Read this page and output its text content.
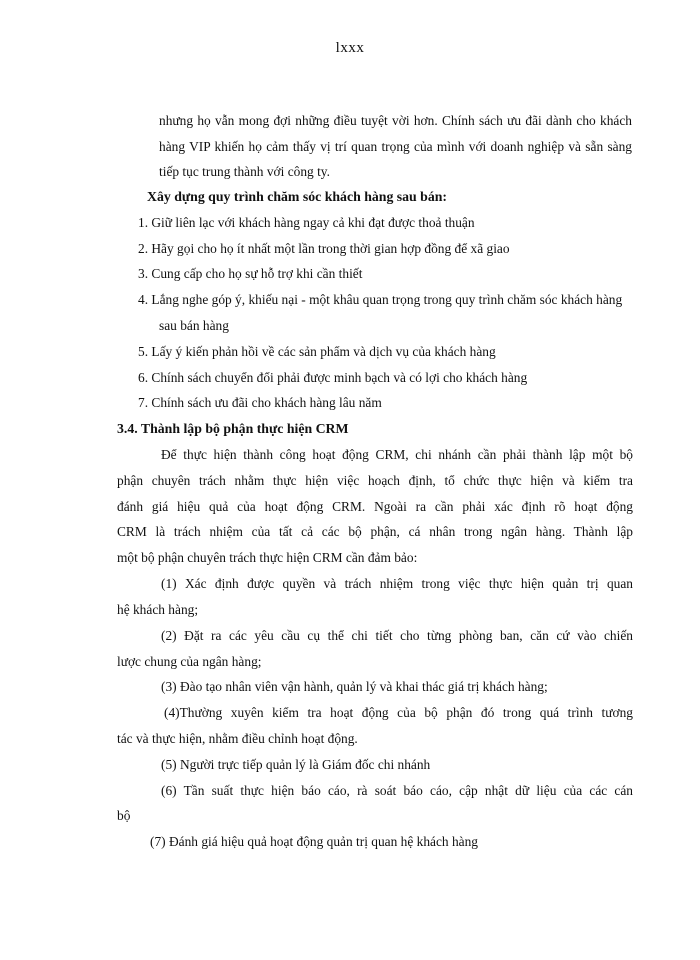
lxxx
nhưng họ vẫn mong đợi những điều tuyệt vời hơn. Chính sách ưu đãi dành cho khách
hàng VIP khiến họ cảm thấy vị trí quan trọng của mình với doanh nghiệp và sẵn sàng
tiếp tục trung thành với công ty.
Xây dựng quy trình chăm sóc khách hàng sau bán:
1. Giữ liên lạc với khách hàng ngay cả khi đạt được thoả thuận
2. Hãy gọi cho họ ít nhất một lần trong thời gian hợp đồng để xã giao
3. Cung cấp cho họ sự hỗ trợ khi cần thiết
4. Lắng nghe góp ý, khiếu nại - một khâu quan trọng trong quy trình chăm sóc khách hàng
sau bán hàng
5. Lấy ý kiến phản hồi về các sản phẩm và dịch vụ của khách hàng
6. Chính sách chuyển đổi phải được minh bạch và có lợi cho khách hàng
7. Chính sách ưu đãi cho khách hàng lâu năm
3.4. Thành lập bộ phận thực hiện CRM
Để thực hiện thành công hoạt động CRM, chi nhánh cần phải thành lập một bộ
phận chuyên trách nhằm thực hiện việc hoạch định, tổ chức thực hiện và kiểm tra
đánh giá hiệu quả của hoạt động CRM. Ngoài ra cần phải xác định rõ hoạt động
CRM là trách nhiệm của tất cả các bộ phận, cá nhân trong ngân hàng. Thành lập
một bộ phận chuyên trách thực hiện CRM cần đảm bảo:
(1) Xác định được quyền và trách nhiệm trong việc thực hiện quản trị quan
hệ khách hàng;
(2) Đặt ra các yêu cầu cụ thể chi tiết cho từng phòng ban, căn cứ vào chiến
lược chung của ngân hàng;
(3) Đào tạo nhân viên vận hành, quản lý và khai thác giá trị khách hàng;
(4)Thường xuyên kiểm tra hoạt động của bộ phận đó trong quá trình tương
tác và thực hiện, nhằm điều chỉnh hoạt động.
(5) Người trực tiếp quản lý là Giám đốc chi nhánh
(6) Tần suất thực hiện báo cáo, rà soát báo cáo, cập nhật dữ liệu của các cán
bộ
(7) Đánh giá hiệu quả hoạt động quản trị quan hệ khách hàng
